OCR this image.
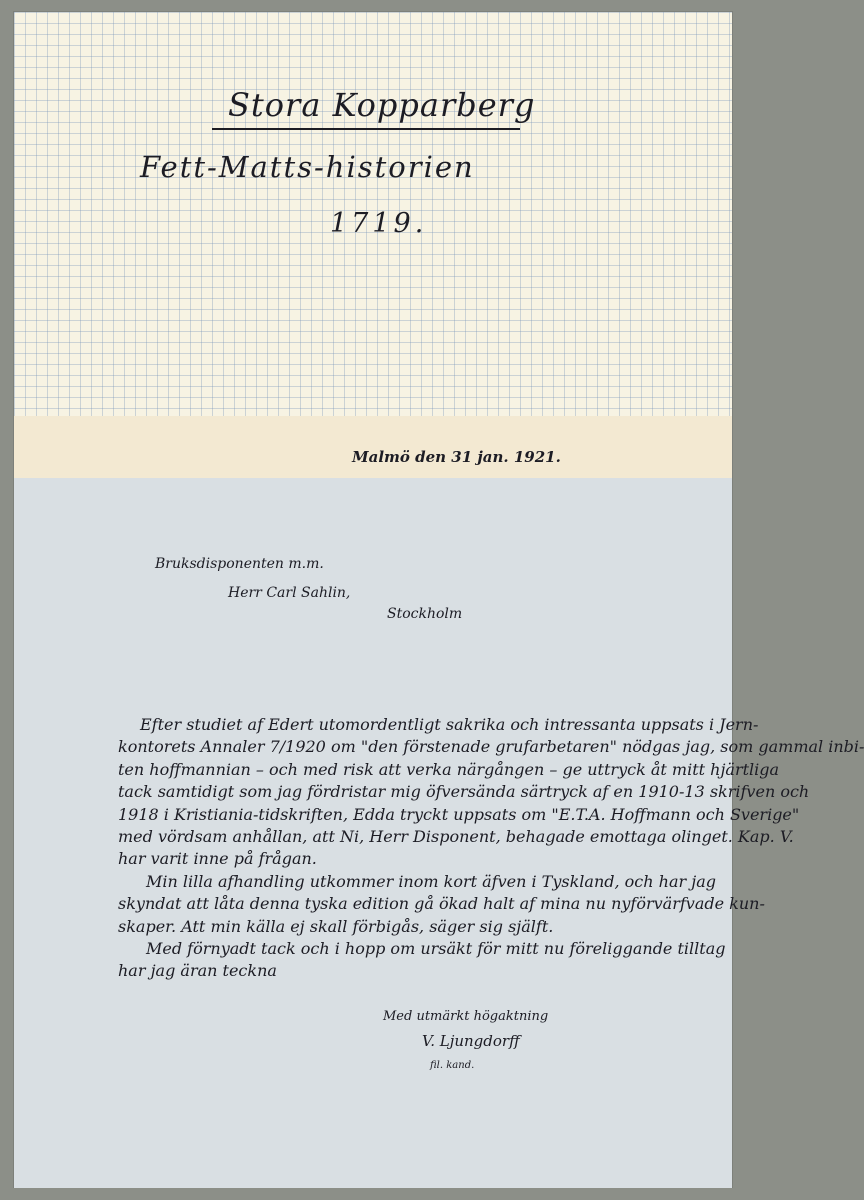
Stora Kopparberg
Fett-Matts-historien
1719.
Malmö den 31 jan. 1921.
Bruksdisponenten m.m.
Herr Carl Sahlin,
Stockholm
Efter studiet af Edert utomordentligt sakrika och intressanta uppsats i Jern-
kontorets Annaler 7/1920 om "den förstenade grufarbetaren" nödgas jag, som gammal inbi-
ten hoffmannian – och med risk att verka närgången – ge uttryck åt mitt hjärtliga
tack samtidigt som jag fördristar mig öfversända särtryck af en 1910-13 skrifven och
1918 i Kristiania-tidskriften, Edda tryckt uppsats om "E.T.A. Hoffmann och Sverige"
med vördsam anhållan, att Ni, Herr Disponent, behagade emottaga olinget. Kap. V.
har varit inne på frågan.
Min lilla afhandling utkommer inom kort äfven i Tyskland, och har jag
skyndat att låta denna tyska edition gå ökad halt af mina nu nyförvärfvade kun-
skaper. Att min källa ej skall förbigås, säger sig själft.
Med förnyadt tack och i hopp om ursäkt för mitt nu föreliggande tilltag
har jag äran teckna
Med utmärkt högaktning
V. Ljungdorff
fil. kand.
